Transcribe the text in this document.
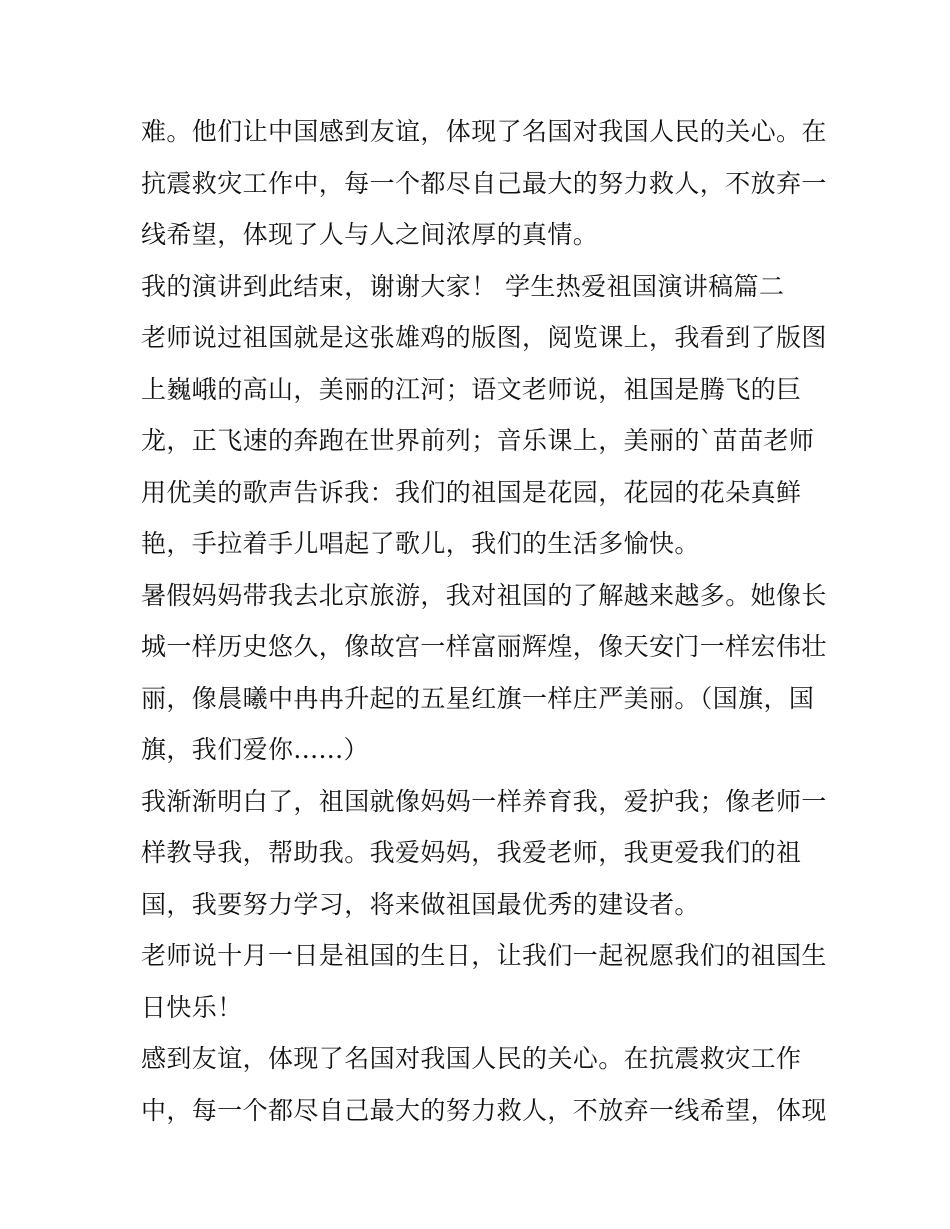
难。他们让中国感到友谊，体现了名国对我国人民的关心。在
抗震救灾工作中，每一个都尽自己最大的努力救人，不放弃一
线希望，体现了人与人之间浓厚的真情。
我的演讲到此结束，谢谢大家！ 学生热爱祖国演讲稿篇二
老师说过祖国就是这张雄鸡的版图，阅览课上，我看到了版图
上巍峨的高山，美丽的江河；语文老师说，祖国是腾飞的巨
龙，正飞速的奔跑在世界前列；音乐课上，美丽的`苗苗老师
用优美的歌声告诉我：我们的祖国是花园，花园的花朵真鲜
艳，手拉着手儿唱起了歌儿，我们的生活多愉快。
暑假妈妈带我去北京旅游，我对祖国的了解越来越多。她像长
城一样历史悠久，像故宫一样富丽辉煌，像天安门一样宏伟壮
丽，像晨曦中冉冉升起的五星红旗一样庄严美丽。（国旗，国
旗，我们爱你......）
我渐渐明白了，祖国就像妈妈一样养育我，爱护我；像老师一
样教导我，帮助我。我爱妈妈，我爱老师，我更爱我们的祖
国，我要努力学习，将来做祖国最优秀的建设者。
老师说十月一日是祖国的生日，让我们一起祝愿我们的祖国生
日快乐！
感到友谊，体现了名国对我国人民的关心。在抗震救灾工作
中，每一个都尽自己最大的努力救人，不放弃一线希望，体现
